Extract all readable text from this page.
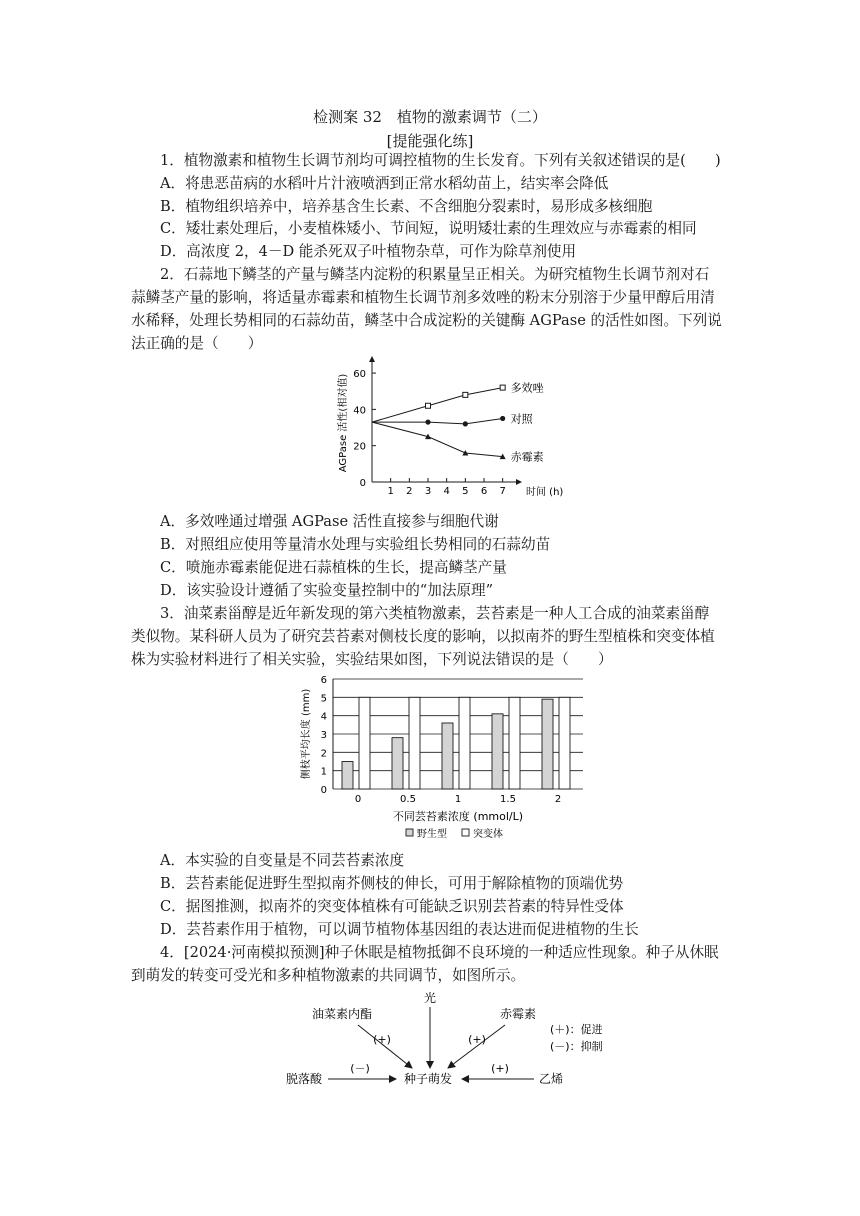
检测案 32　植物的激素调节（二）
[提能强化练]
1．植物激素和植物生长调节剂均可调控植物的生长发育。下列有关叙述错误的是(　　)
A．将患恶苗病的水稻叶片汁液喷洒到正常水稻幼苗上，结实率会降低
B．植物组织培养中，培养基含生长素、不含细胞分裂素时，易形成多核细胞
C．矮壮素处理后，小麦植株矮小、节间短，说明矮壮素的生理效应与赤霉素的相同
D．高浓度 2，4－D 能杀死双子叶植物杂草，可作为除草剂使用
2．石蒜地下鳞茎的产量与鳞茎内淀粉的积累量呈正相关。为研究植物生长调节剂对石
蒜鳞茎产量的影响，将适量赤霉素和植物生长调节剂多效唑的粉末分别溶于少量甲醇后用清
水稀释，处理长势相同的石蒜幼苗，鳞茎中合成淀粉的关键酶 AGPase 的活性如图。下列说
法正确的是（　　）
0
20
40
60
1 2 3 4 5 6 7 时间 (h)
AGPase 活性(相对值)	多效唑
对照
赤霉素
A．多效唑通过增强 AGPase 活性直接参与细胞代谢
B．对照组应使用等量清水处理与实验组长势相同的石蒜幼苗
C．喷施赤霉素能促进石蒜植株的生长，提高鳞茎产量
D．该实验设计遵循了实验变量控制中的“加法原理”
3．油菜素甾醇是近年新发现的第六类植物激素，芸苔素是一种人工合成的油菜素甾醇
类似物。某科研人员为了研究芸苔素对侧枝长度的影响，以拟南芥的野生型植株和突变体植
株为实验材料进行了相关实验，实验结果如图，下列说法错误的是（　　）
0
1
2
3
4
5
6
0	0.5	1	1.5	2
不同芸苔素浓度 (mmol/L)
侧枝平均长度 (mm)
野生型	突变体
A．本实验的自变量是不同芸苔素浓度
B．芸苔素能促进野生型拟南芥侧枝的伸长，可用于解除植物的顶端优势
C．据图推测，拟南芥的突变体植株有可能缺乏识别芸苔素的特异性受体
D．芸苔素作用于植物，可以调节植物体基因组的表达进而促进植物的生长
4．[2024·河南模拟预测]种子休眠是植物抵御不良环境的一种适应性现象。种子从休眠
到萌发的转变可受光和多种植物激素的共同调节，如图所示。
光
油菜素内酯
(+)
赤霉素
(+)
(＋)：促进
(－)：抑制
脱落酸
(－)
种子萌发	乙烯
(+)
